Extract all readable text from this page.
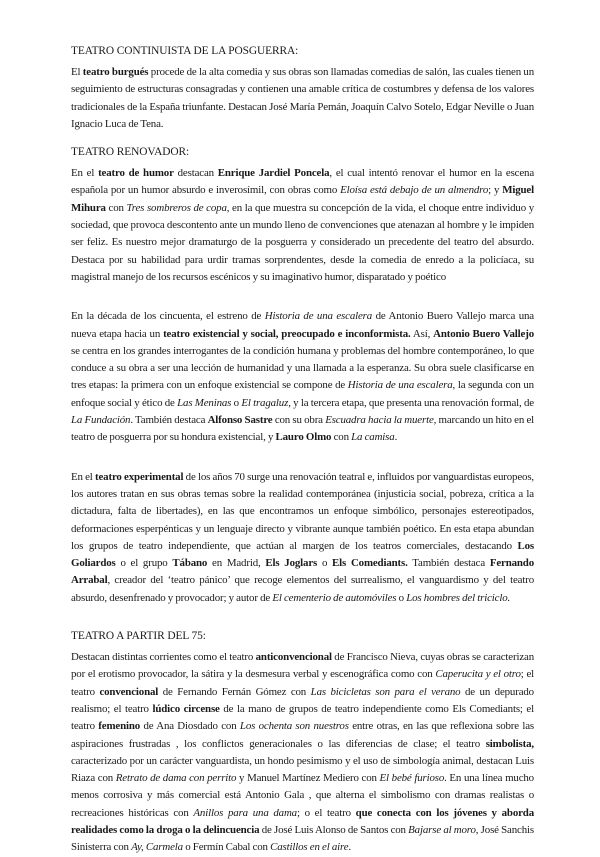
TEATRO CONTINUISTA DE LA POSGUERRA:

El teatro burgués procede de la alta comedia y sus obras son llamadas comedias de salón, las cuales tienen un seguimiento de estructuras consagradas y contienen una amable crítica de costumbres y defensa de los valores tradicionales de la España triunfante. Destacan José María Pemán, Joaquín Calvo Sotelo, Edgar Neville o Juan Ignacio Luca de Tena.

TEATRO RENOVADOR:

En el teatro de humor destacan Enrique Jardiel Poncela, el cual intentó renovar el humor en la escena española por un humor absurdo e inverosímil, con obras como Eloísa está debajo de un almendro; y Miguel Mihura con Tres sombreros de copa, en la que muestra su concepción de la vida, el choque entre individuo y sociedad, que provoca descontento ante un mundo lleno de convenciones que atenazan al hombre y le impiden ser feliz. Es nuestro mejor dramaturgo de la posguerra y considerado un precedente del teatro del absurdo. Destaca por su habilidad para urdir tramas sorprendentes, desde la comedia de enredo a la policíaca, su magistral manejo de los recursos escénicos y su imaginativo humor, disparatado y poético

En la década de los cincuenta, el estreno de Historia de una escalera de Antonio Buero Vallejo marca una nueva etapa hacia un teatro existencial y social, preocupado e inconformista. Así, Antonio Buero Vallejo se centra en los grandes interrogantes de la condición humana y problemas del hombre contemporáneo, lo que conduce a su obra a ser una lección de humanidad y una llamada a la esperanza. Su obra suele clasificarse en tres etapas: la primera con un enfoque existencial se compone de Historia de una escalera, la segunda con un enfoque social y ético de Las Meninas o El tragaluz, y la tercera etapa, que presenta una renovación formal, de La Fundación. También destaca Alfonso Sastre con su obra Escuadra hacia la muerte, marcando un hito en el teatro de posguerra por su hondura existencial, y Lauro Olmo con La camisa.

En el teatro experimental de los años 70 surge una renovación teatral e, influidos por vanguardistas europeos, los autores tratan en sus obras temas sobre la realidad contemporánea (injusticia social, pobreza, crítica a la dictadura, falta de libertades), en las que encontramos un enfoque simbólico, personajes estereotipados, deformaciones esperpénticas y un lenguaje directo y vibrante aunque también poético. En esta etapa abundan los grupos de teatro independiente, que actúan al margen de los teatros comerciales, destacando Los Goliardos o el grupo Tábano en Madrid, Els Joglars o Els Comediants. También destaca Fernando Arrabal, creador del ‘teatro pánico’ que recoge elementos del surrealismo, el vanguardismo y del teatro absurdo, desenfrenado y provocador; y autor de El cementerio de automóviles o Los hombres del triciclo.

TEATRO A PARTIR DEL 75:

Destacan distintas corrientes como el teatro anticonvencional de Francisco Nieva, cuyas obras se caracterizan por el erotismo provocador, la sátira y la desmesura verbal y escenográfica como con Caperucita y el otro; el teatro convencional de Fernando Fernán Gómez con Las bicicletas son para el verano de un depurado realismo; el teatro lúdico circense de la mano de grupos de teatro independiente como Els Comediants; el teatro femenino de Ana Diosdado con Los ochenta son nuestros entre otras, en las que reflexiona sobre las aspiraciones frustradas , los conflictos generacionales o las diferencias de clase; el teatro simbolista, caracterizado por un carácter vanguardista, un hondo pesimismo y el uso de simbología animal, destacan Luis Riaza con Retrato de dama con perrito y Manuel Martínez Mediero con El bebé furioso. En una línea mucho menos corrosiva y más comercial está Antonio Gala , que alterna el simbolismo con dramas realistas o recreaciones históricas con Anillos para una dama; o el teatro que conecta con los jóvenes y aborda realidades como la droga o la delincuencia de José Luis Alonso de Santos con Bajarse al moro, José Sanchis Sinisterra con Ay, Carmela o Fermín Cabal con Castillos en el aire.
